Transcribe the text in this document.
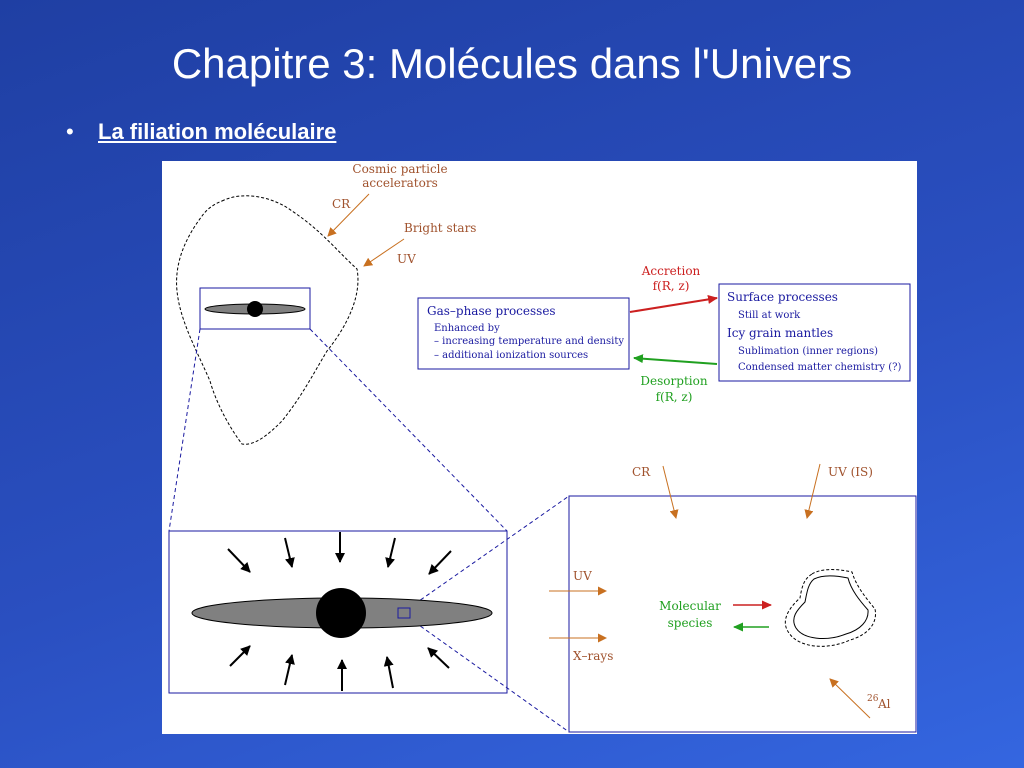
Chapitre 3: Molécules dans l'Univers
• La filiation moléculaire
Cosmic particle
accelerators
CR
Bright stars
UV
Gas–phase processes
Enhanced by
– increasing temperature and density
– additional ionization sources
Accretion
f(R, z)
Desorption
f(R, z)
Surface processes
Still at work
Icy grain mantles
Sublimation (inner regions)
Condensed matter chemistry (?)
CR	UV (IS)
UV
X–rays
Molecular
species
26 Al
